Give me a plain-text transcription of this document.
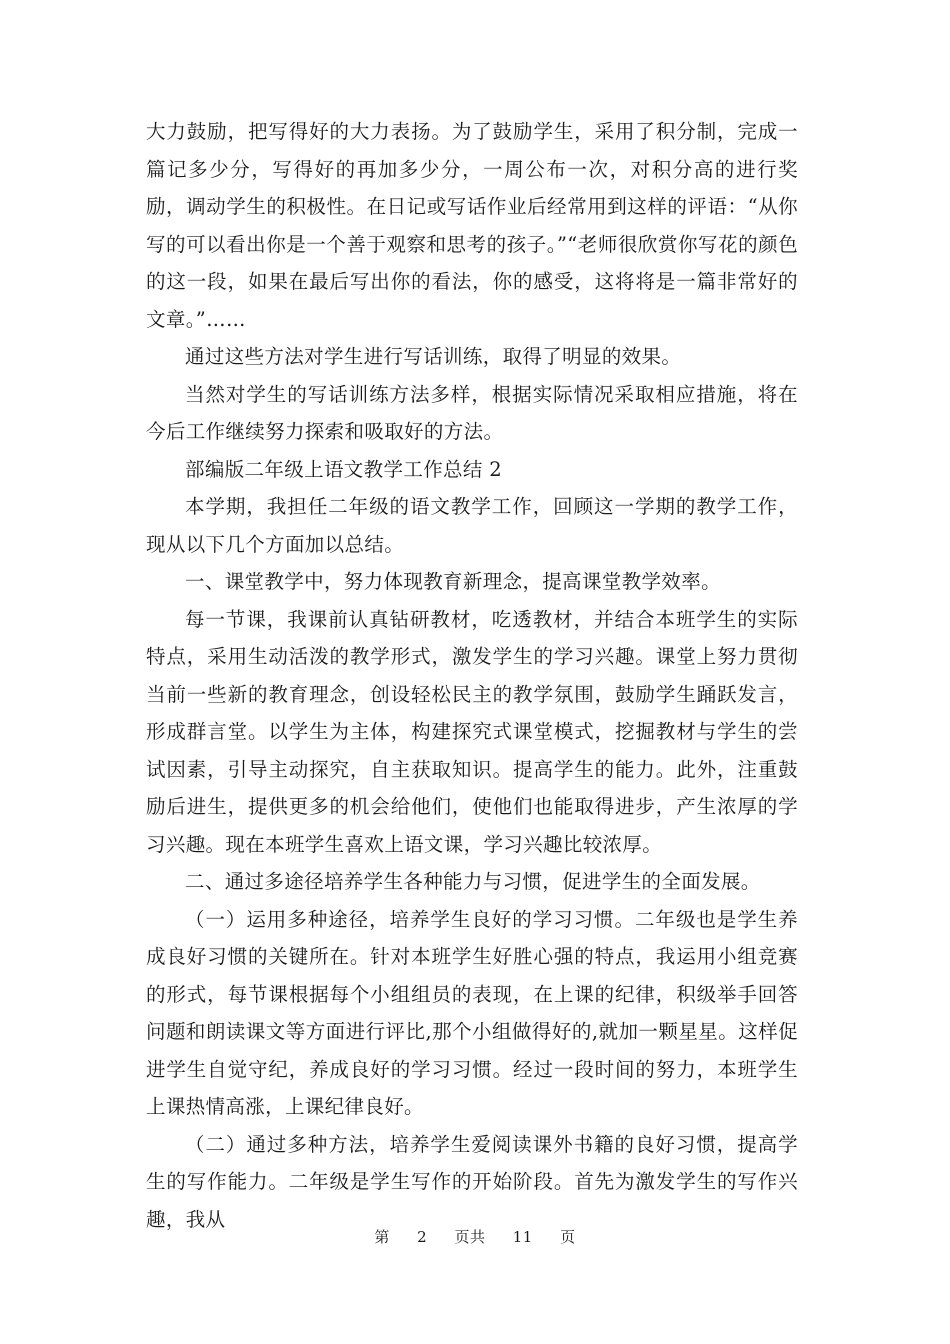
大力鼓励，把写得好的大力表扬。为了鼓励学生，采用了积分制，完成一篇记多少分，写得好的再加多少分，一周公布一次，对积分高的进行奖励，调动学生的积极性。在日记或写话作业后经常用到这样的评语：“从你写的可以看出你是一个善于观察和思考的孩子。”“老师很欣赏你写花的颜色的这一段，如果在最后写出你的看法，你的感受，这将将是一篇非常好的文章。”……

通过这些方法对学生进行写话训练，取得了明显的效果。

当然对学生的写话训练方法多样，根据实际情况采取相应措施，将在今后工作继续努力探索和吸取好的方法。

部编版二年级上语文教学工作总结 2

本学期，我担任二年级的语文教学工作，回顾这一学期的教学工作，现从以下几个方面加以总结。

一、课堂教学中，努力体现教育新理念，提高课堂教学效率。

每一节课，我课前认真钻研教材，吃透教材，并结合本班学生的实际特点，采用生动活泼的教学形式，激发学生的学习兴趣。课堂上努力贯彻当前一些新的教育理念，创设轻松民主的教学氛围，鼓励学生踊跃发言，形成群言堂。以学生为主体，构建探究式课堂模式，挖掘教材与学生的尝试因素，引导主动探究，自主获取知识。提高学生的能力。此外，注重鼓励后进生，提供更多的机会给他们，使他们也能取得进步，产生浓厚的学习兴趣。现在本班学生喜欢上语文课，学习兴趣比较浓厚。

二、通过多途径培养学生各种能力与习惯，促进学生的全面发展。

（一）运用多种途径，培养学生良好的学习习惯。二年级也是学生养成良好习惯的关键所在。针对本班学生好胜心强的特点，我运用小组竞赛的形式，每节课根据每个小组组员的表现，在上课的纪律，积级举手回答问题和朗读课文等方面进行评比,那个小组做得好的,就加一颗星星。这样促进学生自觉守纪，养成良好的学习习惯。经过一段时间的努力，本班学生上课热情高涨，上课纪律良好。

（二）通过多种方法，培养学生爱阅读课外书籍的良好习惯，提高学生的写作能力。二年级是学生写作的开始阶段。首先为激发学生的写作兴趣，我从

第 2 页共 11 页
